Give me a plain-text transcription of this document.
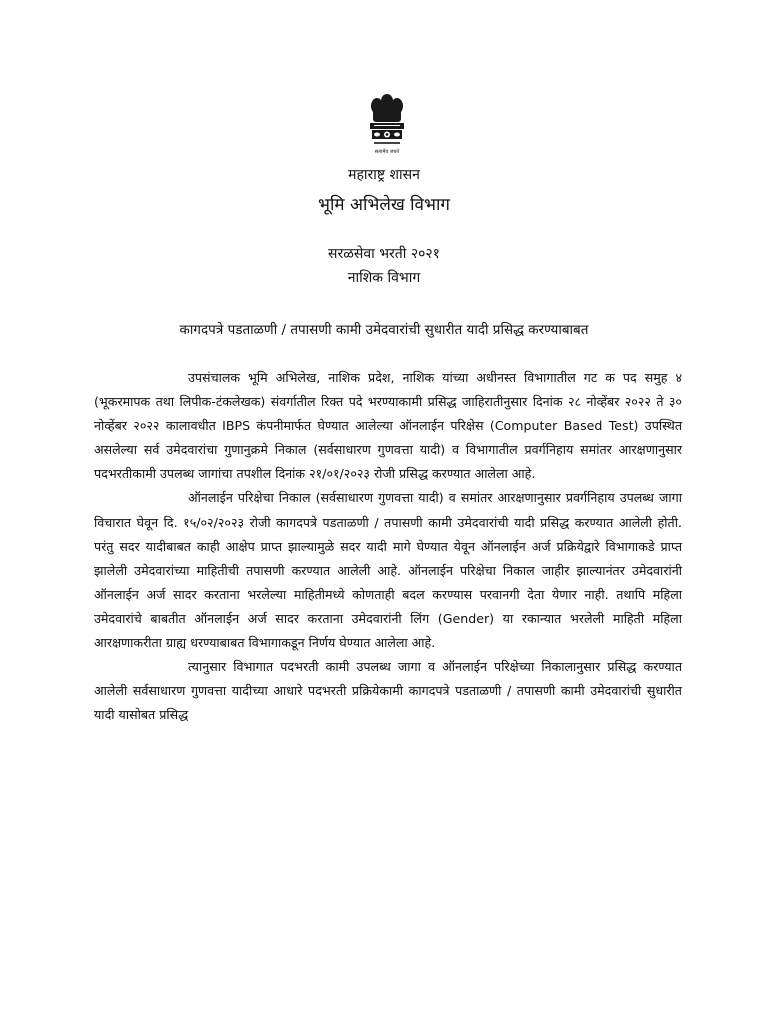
सत्यमेव जयते
महाराष्ट्र शासन
भूमि अभिलेख विभाग
सरळसेवा भरती २०२१
नाशिक विभाग
कागदपत्रे पडताळणी / तपासणी कामी उमेदवारांची सुधारीत यादी प्रसिद्ध करण्याबाबत

उपसंचालक भूमि अभिलेख, नाशिक प्रदेश, नाशिक यांच्या अधीनस्त विभागातील गट क पद समुह ४ (भूकरमापक तथा लिपीक-टंकलेखक) संवर्गातील रिक्त पदे भरण्याकामी प्रसिद्ध जाहिरातीनुसार दिनांक २८ नोव्हेंबर २०२२ ते ३० नोव्हेंबर २०२२ कालावधीत IBPS कंपनीमार्फत घेण्यात आलेल्या ऑनलाईन परिक्षेस (Computer Based Test) उपस्थित असलेल्या सर्व उमेदवारांचा गुणानुक्रमे निकाल (सर्वसाधारण गुणवत्ता यादी) व विभागातील प्रवर्गनिहाय समांतर आरक्षणानुसार पदभरतीकामी उपलब्ध जागांचा तपशील दिनांक २१/०१/२०२३ रोजी प्रसिद्ध करण्यात आलेला आहे.

ऑनलाईन परिक्षेचा निकाल (सर्वसाधारण गुणवत्ता यादी) व समांतर आरक्षणानुसार प्रवर्गनिहाय उपलब्ध जागा विचारात घेवून दि. १५/०२/२०२३ रोजी कागदपत्रे पडताळणी / तपासणी कामी उमेदवारांची यादी प्रसिद्ध करण्यात आलेली होती. परंतु सदर यादीबाबत काही आक्षेप प्राप्त झाल्यामुळे सदर यादी मागे घेण्यात येवून ऑनलाईन अर्ज प्रक्रियेद्वारे विभागाकडे प्राप्त झालेली उमेदवारांच्या माहितीची तपासणी करण्यात आलेली आहे. ऑनलाईन परिक्षेचा निकाल जाहीर झाल्यानंतर उमेदवारांनी ऑनलाईन अर्ज सादर करताना भरलेल्या माहितीमध्ये कोणताही बदल करण्यास परवानगी देता येणार नाही. तथापि महिला उमेदवारांचे बाबतीत ऑनलाईन अर्ज सादर करताना उमेदवारांनी लिंग (Gender) या रकान्यात भरलेली माहिती महिला आरक्षणाकरीता ग्राह्य धरण्याबाबत विभागाकडून निर्णय घेण्यात आलेला आहे.

त्यानुसार विभागात पदभरती कामी उपलब्ध जागा व ऑनलाईन परिक्षेच्या निकालानुसार प्रसिद्ध करण्यात आलेली सर्वसाधारण गुणवत्ता यादीच्या आधारे पदभरती प्रक्रियेकामी कागदपत्रे पडताळणी / तपासणी कामी उमेदवारांची सुधारीत यादी यासोबत प्रसिद्ध
